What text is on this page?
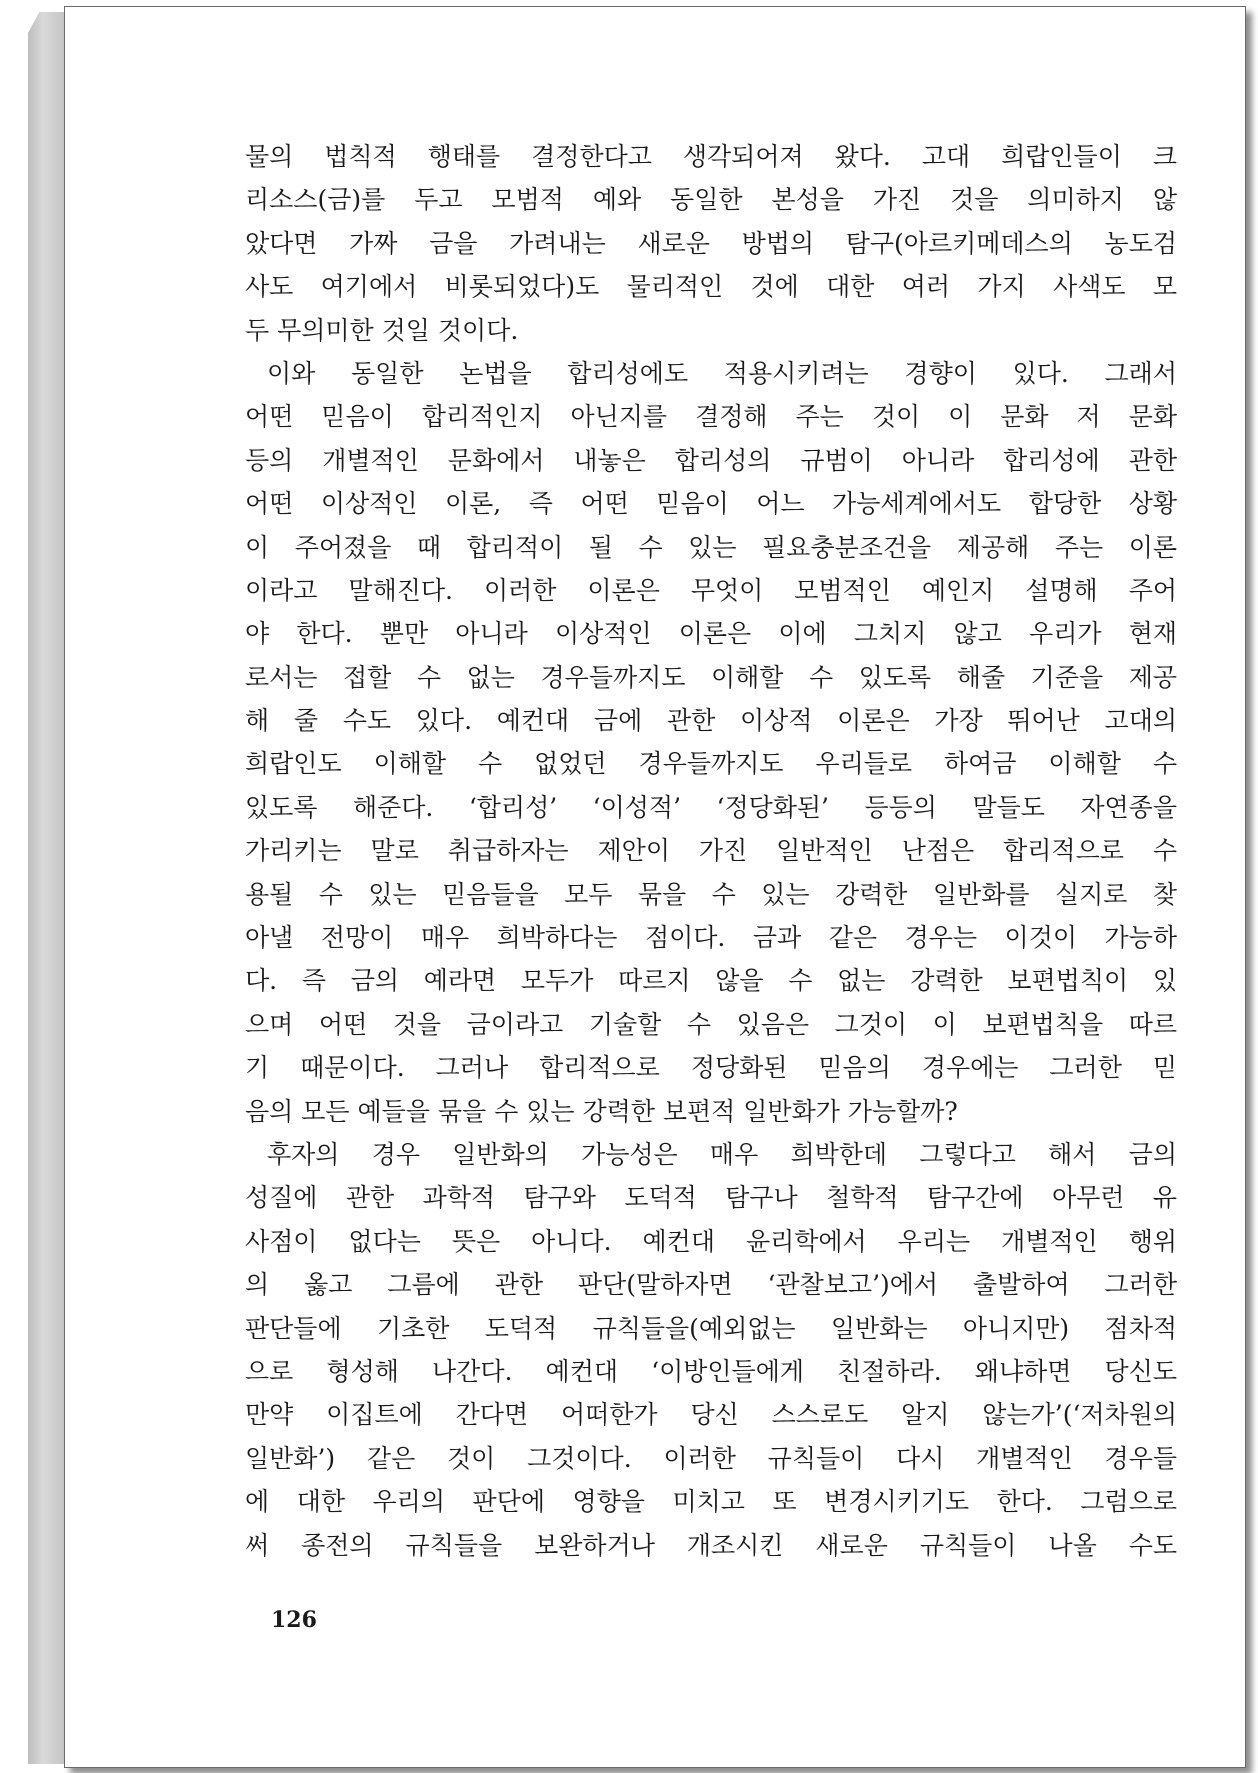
물의 법칙적 행태를 결정한다고 생각되어져 왔다. 고대 희랍인들이 크
리소스(금)를 두고 모범적 예와 동일한 본성을 가진 것을 의미하지 않
았다면 가짜 금을 가려내는 새로운 방법의 탐구(아르키메데스의 농도검
사도 여기에서 비롯되었다)도 물리적인 것에 대한 여러 가지 사색도 모
두 무의미한 것일 것이다.
이와 동일한 논법을 합리성에도 적용시키려는 경향이 있다. 그래서
어떤 믿음이 합리적인지 아닌지를 결정해 주는 것이 이 문화 저 문화
등의 개별적인 문화에서 내놓은 합리성의 규범이 아니라 합리성에 관한
어떤 이상적인 이론, 즉 어떤 믿음이 어느 가능세계에서도 합당한 상황
이 주어졌을 때 합리적이 될 수 있는 필요충분조건을 제공해 주는 이론
이라고 말해진다. 이러한 이론은 무엇이 모범적인 예인지 설명해 주어
야 한다. 뿐만 아니라 이상적인 이론은 이에 그치지 않고 우리가 현재
로서는 접할 수 없는 경우들까지도 이해할 수 있도록 해줄 기준을 제공
해 줄 수도 있다. 예컨대 금에 관한 이상적 이론은 가장 뛰어난 고대의
희랍인도 이해할 수 없었던 경우들까지도 우리들로 하여금 이해할 수
있도록 해준다. ‘합리성’ ‘이성적’ ‘정당화된’ 등등의 말들도 자연종을
가리키는 말로 취급하자는 제안이 가진 일반적인 난점은 합리적으로 수
용될 수 있는 믿음들을 모두 묶을 수 있는 강력한 일반화를 실지로 찾
아낼 전망이 매우 희박하다는 점이다. 금과 같은 경우는 이것이 가능하
다. 즉 금의 예라면 모두가 따르지 않을 수 없는 강력한 보편법칙이 있
으며 어떤 것을 금이라고 기술할 수 있음은 그것이 이 보편법칙을 따르
기 때문이다. 그러나 합리적으로 정당화된 믿음의 경우에는 그러한 믿
음의 모든 예들을 묶을 수 있는 강력한 보편적 일반화가 가능할까?
후자의 경우 일반화의 가능성은 매우 희박한데 그렇다고 해서 금의
성질에 관한 과학적 탐구와 도덕적 탐구나 철학적 탐구간에 아무런 유
사점이 없다는 뜻은 아니다. 예컨대 윤리학에서 우리는 개별적인 행위
의 옳고 그름에 관한 판단(말하자면 ‘관찰보고’)에서 출발하여 그러한
판단들에 기초한 도덕적 규칙들을(예외없는 일반화는 아니지만) 점차적
으로 형성해 나간다. 예컨대 ‘이방인들에게 친절하라. 왜냐하면 당신도
만약 이집트에 간다면 어떠한가 당신 스스로도 알지 않는가’(‘저차원의
일반화’) 같은 것이 그것이다. 이러한 규칙들이 다시 개별적인 경우들
에 대한 우리의 판단에 영향을 미치고 또 변경시키기도 한다. 그럼으로
써 종전의 규칙들을 보완하거나 개조시킨 새로운 규칙들이 나올 수도
126
